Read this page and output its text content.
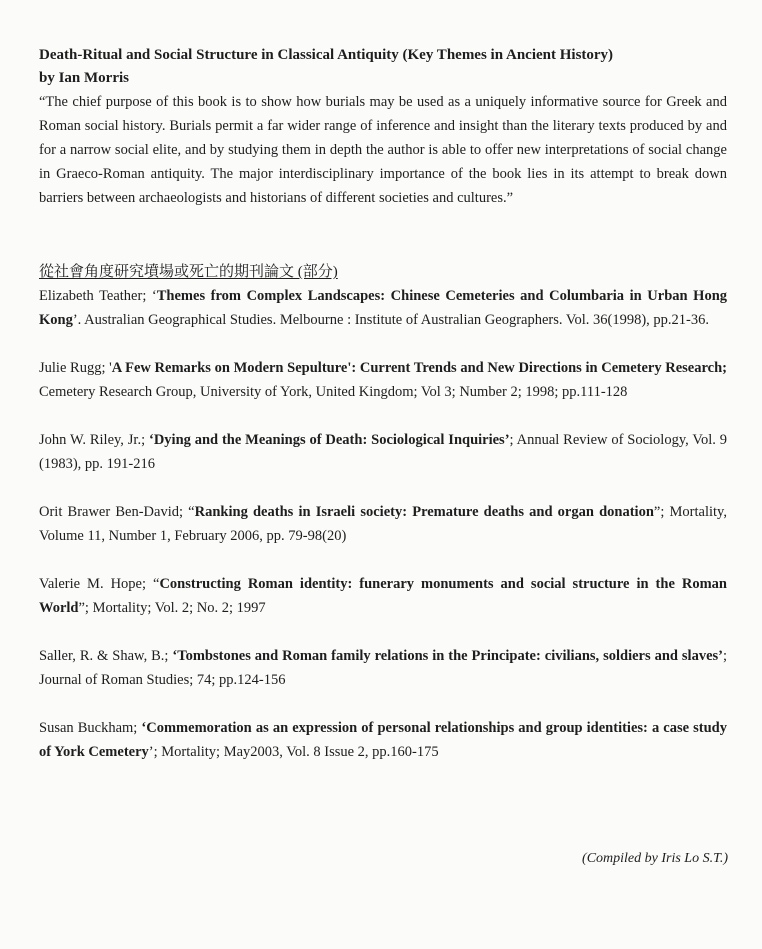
Death-Ritual and Social Structure in Classical Antiquity (Key Themes in Ancient History)

by Ian Morris

“The chief purpose of this book is to show how burials may be used as a uniquely informative source for Greek and Roman social history. Burials permit a far wider range of inference and insight than the literary texts produced by and for a narrow social elite, and by studying them in depth the author is able to offer new interpretations of social change in Graeco-Roman antiquity. The major interdisciplinary importance of the book lies in its attempt to break down barriers between archaeologists and historians of different societies and cultures.”

從社會角度研究墳場或死亡的期刊論文 (部分)

Elizabeth Teather; ‘Themes from Complex Landscapes: Chinese Cemeteries and Columbaria in Urban Hong Kong’. Australian Geographical Studies. Melbourne : Institute of Australian Geographers. Vol. 36(1998), pp.21-36.

Julie Rugg; 'A Few Remarks on Modern Sepulture': Current Trends and New Directions in Cemetery Research; Cemetery Research Group, University of York, United Kingdom; Vol 3; Number 2; 1998; pp.111-128

John W. Riley, Jr.; ‘Dying and the Meanings of Death: Sociological Inquiries’; Annual Review of Sociology, Vol. 9 (1983), pp. 191-216

Orit Brawer Ben-David; “Ranking deaths in Israeli society: Premature deaths and organ donation”; Mortality, Volume 11, Number 1, February 2006, pp. 79-98(20)

Valerie M. Hope; “Constructing Roman identity: funerary monuments and social structure in the Roman World”; Mortality; Vol. 2; No. 2; 1997

Saller, R. & Shaw, B.; ‘Tombstones and Roman family relations in the Principate: civilians, soldiers and slaves’; Journal of Roman Studies; 74; pp.124-156

Susan Buckham; ‘Commemoration as an expression of personal relationships and group identities: a case study of York Cemetery’; Mortality; May2003, Vol. 8 Issue 2, pp.160-175

(Compiled by Iris Lo S.T.)
